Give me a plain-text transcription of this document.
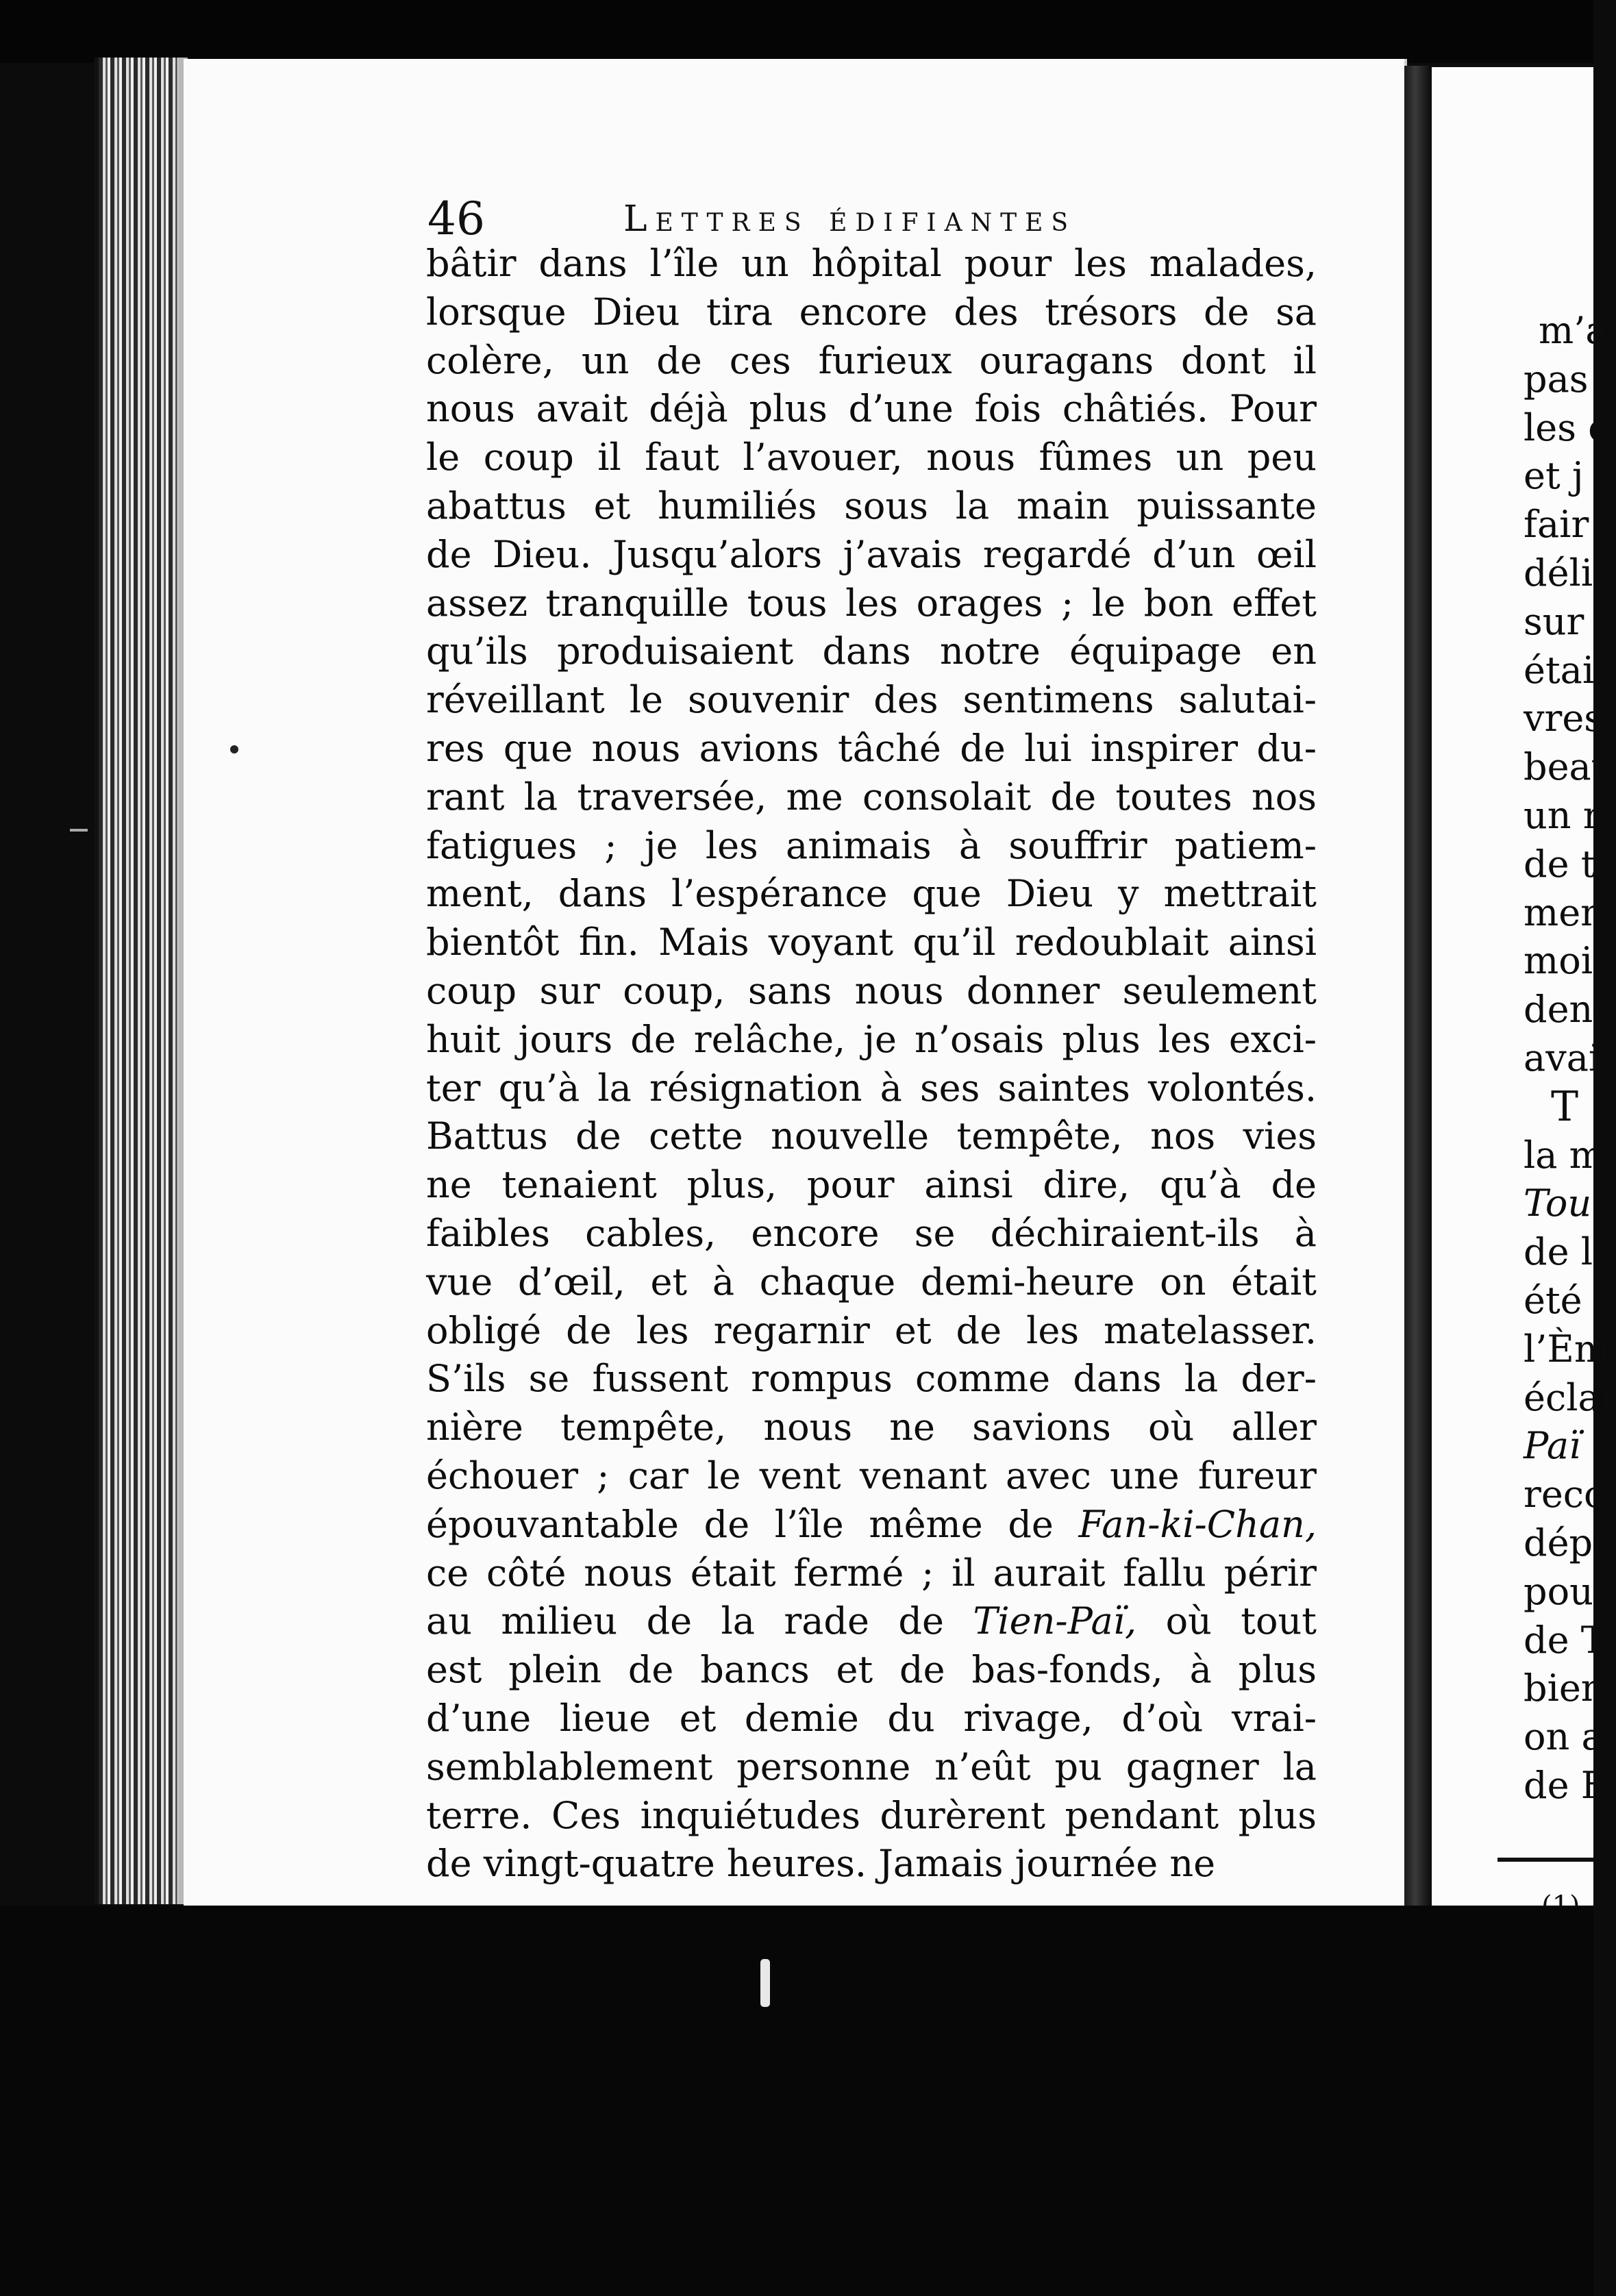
m’a
pas
les é
et j
fair
déli
sur
étai
vres
beau
un r
de t
men
moi
denc
avai
T
la m
Tou
de l
été e
l’Èm
éclai
Paï
reco
dépê
pour
de T
bien
on a
de F
46	Lettres édifiantes
bâtir dans l’île un hôpital pour les malades,
lorsque Dieu tira encore des trésors de sa
colère, un de ces furieux ouragans dont il
nous avait déjà plus d’une fois châtiés. Pour
le coup il faut l’avouer, nous fûmes un peu
abattus et humiliés sous la main puissante
de Dieu. Jusqu’alors j’avais regardé d’un œil
assez tranquille tous les orages ; le bon effet
qu’ils produisaient dans notre équipage en
réveillant le souvenir des sentimens salutai-
res que nous avions tâché de lui inspirer du-
rant la traversée, me consolait de toutes nos
fatigues ; je les animais à souffrir patiem-
ment, dans l’espérance que Dieu y mettrait
bientôt fin. Mais voyant qu’il redoublait ainsi
coup sur coup, sans nous donner seulement
huit jours de relâche, je n’osais plus les exci-
ter qu’à la résignation à ses saintes volontés.
Battus de cette nouvelle tempête, nos vies
ne tenaient plus, pour ainsi dire, qu’à de
faibles cables, encore se déchiraient-ils à
vue d’œil, et à chaque demi-heure on était
obligé de les regarnir et de les matelasser.
S’ils se fussent rompus comme dans la der-
nière tempête, nous ne savions où aller
échouer ; car le vent venant avec une fureur
épouvantable de l’île même de Fan-ki-Chan,
ce côté nous était fermé ; il aurait fallu périr
au milieu de la rade de Tien-Paï, où tout
est plein de bancs et de bas-fonds, à plus
d’une lieue et demie du rivage, d’où vrai-
semblablement personne n’eût pu gagner la
terre. Ces inquiétudes durèrent pendant plus
de vingt-quatre heures. Jamais journée ne
